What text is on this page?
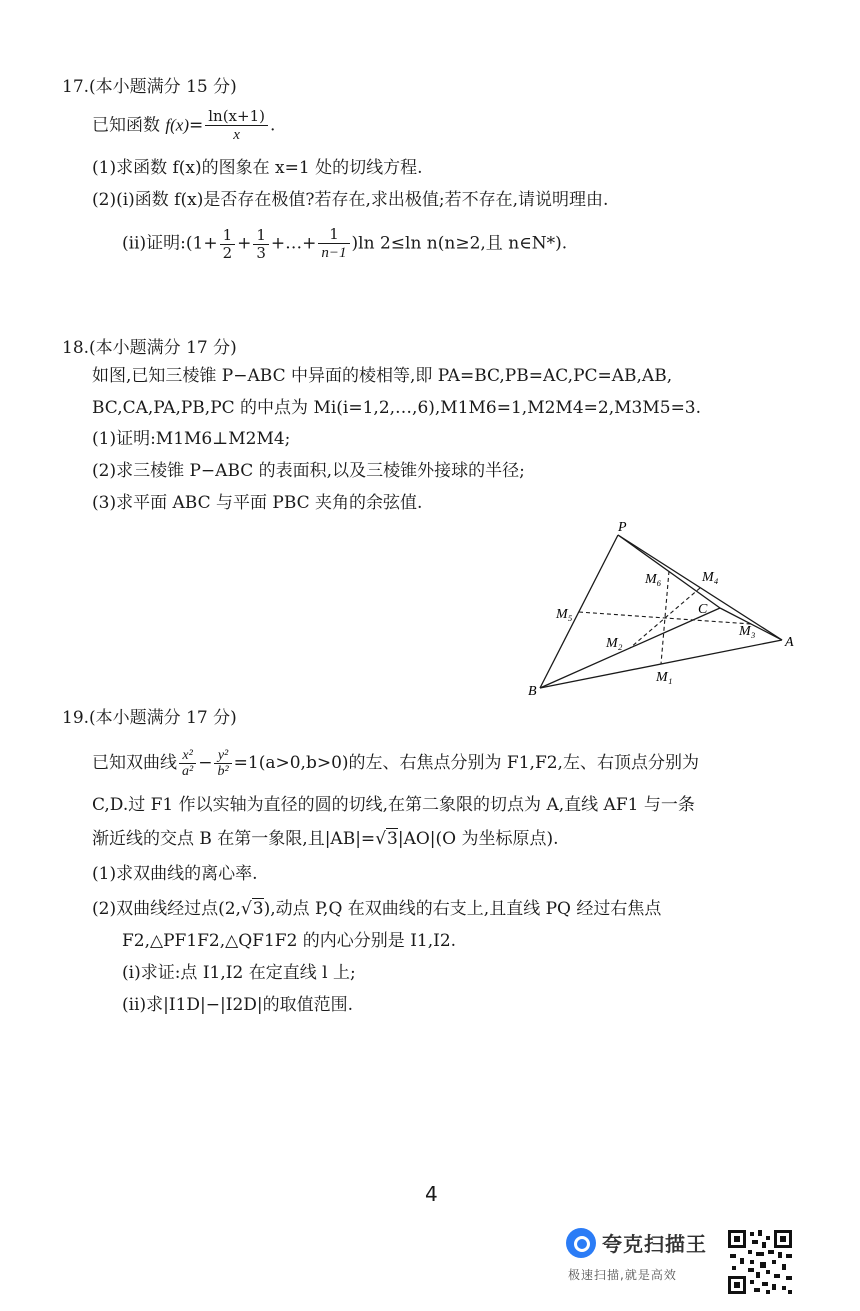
17.(本小题满分 15 分)
已知函数 $f(x)= \frac{\ln(x+1)}{x}$ .
(1)求函数 f(x)的图象在 x=1 处的切线方程.
(2)(ⅰ)函数 f(x)是否存在极值?若存在,求出极值;若不存在,请说明理由.
(ⅱ)证明:(1+ $\frac{1}{2} + \frac{1}{3}$ +…+ $\frac{1}{n-1} )\ln$ 2≤ln n(n≥2,且 n∈N*).
18.(本小题满分 17 分)
如图,已知三棱锥 P−ABC 中异面的棱相等,即 PA=BC,PB=AC,PC=AB,AB,
BC,CA,PA,PB,PC 的中点为 Mi(i=1,2,…,6),M1M6=1,M2M4=2,M3M5=3.
(1)证明:M1M6⊥M2M4;
(2)求三棱锥 P−ABC 的表面积,以及三棱锥外接球的半径;
(3)求平面 ABC 与平面 PBC 夹角的余弦值.
P
A
B
C
M₆	M₄
M₅
M₃
M₂
M₁
19.(本小题满分 17 分)
已知双曲线 $\frac{\text{x²}}{\text{a²}} - \frac{\text{y²}}{\text{b²}} =1(a>0,b>0)$的左、右焦点分别为 F1,F2,左、右顶点分别为
C,D.过 F1 作以实轴为直径的圆的切线,在第二象限的切点为 A,直线 AF1 与一条
渐近线的交点 B 在第一象限,且|AB|=√3|AO|(O 为坐标原点).
(1)求双曲线的离心率.
(2)双曲线经过点(2,√3),动点 P,Q 在双曲线的右支上,且直线 PQ 经过右焦点
F2,△PF1F2,△QF1F2 的内心分别是 I1,I2.
(ⅰ)求证:点 I1,I2 在定直线 l 上;
(ⅱ)求|I1D|−|I2D|的取值范围.
4
夸克扫描王
极速扫描,就是高效
